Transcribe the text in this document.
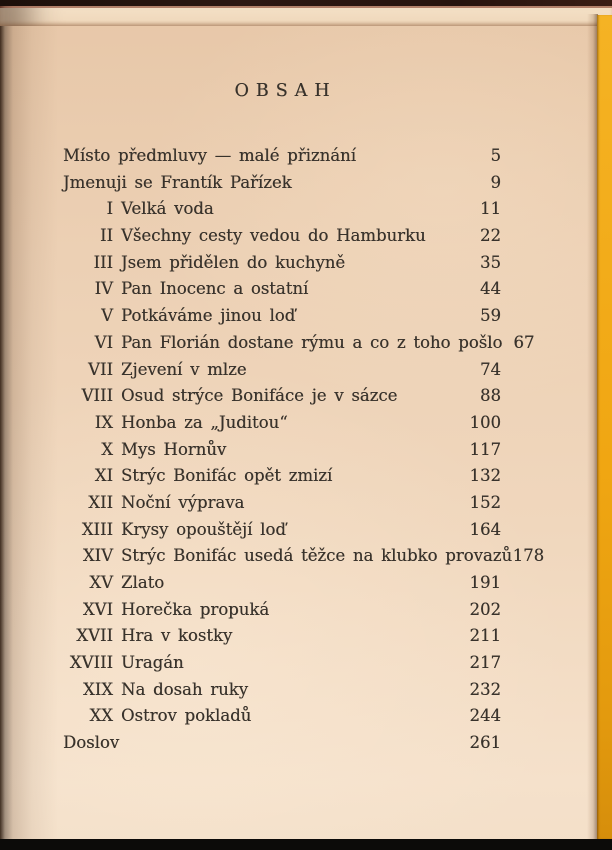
OBSAH
Místo předmluvy — malé přiznání	5
Jmenuji se Frantík Pařízek	9
I Velká voda	11
II Všechny cesty vedou do Hamburku	22
III Jsem přidělen do kuchyně	35
IV Pan Inocenc a ostatní	44
V Potkáváme jinou loď	59
VI Pan Florián dostane rýmu a co z toho pošlo 67
VII Zjevení v mlze	74
VIII Osud strýce Bonifáce je v sázce	88
IX Honba za „Juditou“	100
X Mys Hornův	117
XI Strýc Bonifác opět zmizí	132
XII Noční výprava	152
XIII Krysy opouštějí loď	164
XIV Strýc Bonifác usedá těžce na klubko provazů 178
XV Zlato	191
XVI Horečka propuká	202
XVII Hra v kostky	211
XVIII Uragán	217
XIX Na dosah ruky	232
XX Ostrov pokladů	244
Doslov	261
